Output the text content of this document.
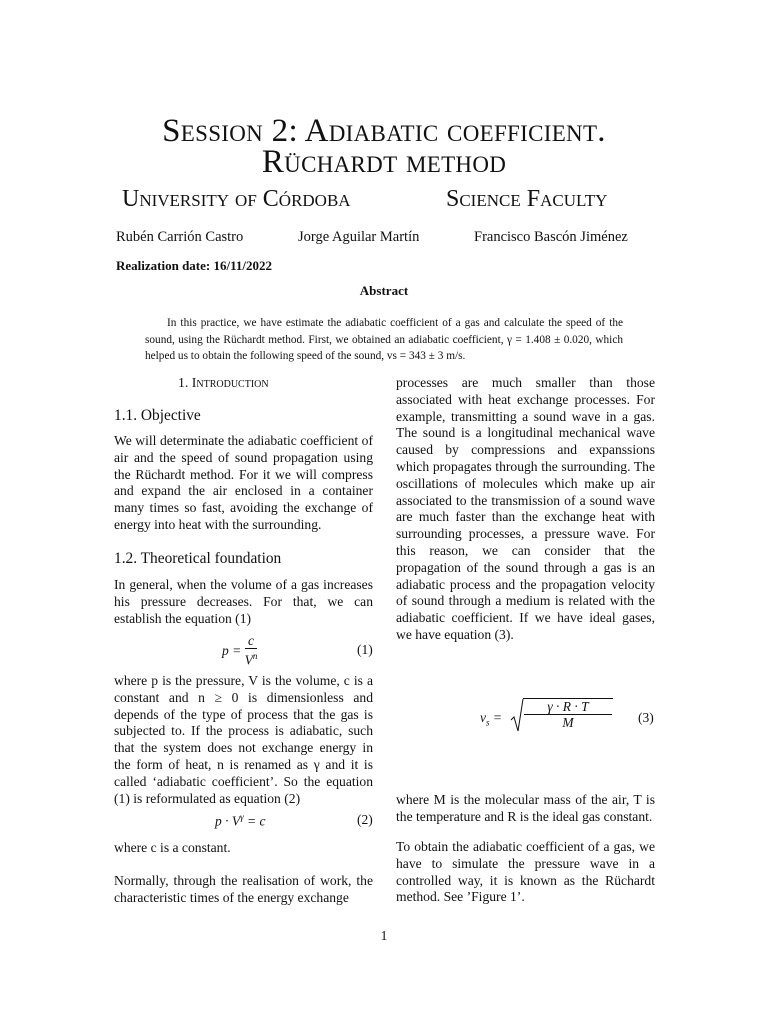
Session 2: Adiabatic coefficient.
Rüchardt method
University of Córdoba	Science Faculty
Rubén Carrión Castro	Jorge Aguilar Martín	Francisco Bascón Jiménez
Realization date: 16/11/2022
Abstract
In this practice, we have estimate the adiabatic coefficient of a gas and calculate the speed of the sound, using the Rüchardt method. First, we obtained an adiabatic coefficient, γ = 1.408 ± 0.020, which helped us to obtain the following speed of the sound, vs = 343 ± 3 m/s.
1. Introduction
1.1. Objective
We will determinate the adiabatic coefficient of air and the speed of sound propagation using the Rüchardt method. For it we will compress and expand the air enclosed in a container many times so fast, avoiding the exchange of energy into heat with the surrounding.
1.2. Theoretical foundation
In general, when the volume of a gas increases his pressure decreases. For that, we can establish the equation (1)
$p = \frac{c}{V^n}$	(1)
where p is the pressure, V is the volume, c is a constant and n ≥ 0 is dimensionless and depends of the type of process that the gas is subjected to. If the process is adiabatic, such that the system does not exchange energy in the form of heat, n is renamed as γ and it is called ‘adiabatic coefficient’. So the equation (1) is reformulated as equation (2)
$p \cdot V^\gamma = c$	(2)
where c is a constant.
Normally, through the realisation of work, the characteristic times of the energy exchange
processes are much smaller than those associated with heat exchange processes. For example, transmitting a sound wave in a gas. The sound is a longitudinal mechanical wave caused by compressions and expanssions which propagates through the surrounding. The oscillations of molecules which make up air associated to the transmission of a sound wave are much faster than the exchange heat with surrounding processes, a pressure wave. For this reason, we can consider that the propagation of the sound through a gas is an adiabatic process and the propagation velocity of sound through a medium is related with the adiabatic coefficient. If we have ideal gases, we have equation (3).
$v_s$ =
γ · R · T
M	(3)
where M is the molecular mass of the air, T is the temperature and R is the ideal gas constant.
To obtain the adiabatic coefficient of a gas, we have to simulate the pressure wave in a controlled way, it is known as the Rüchardt method. See ’Figure 1’.
1
